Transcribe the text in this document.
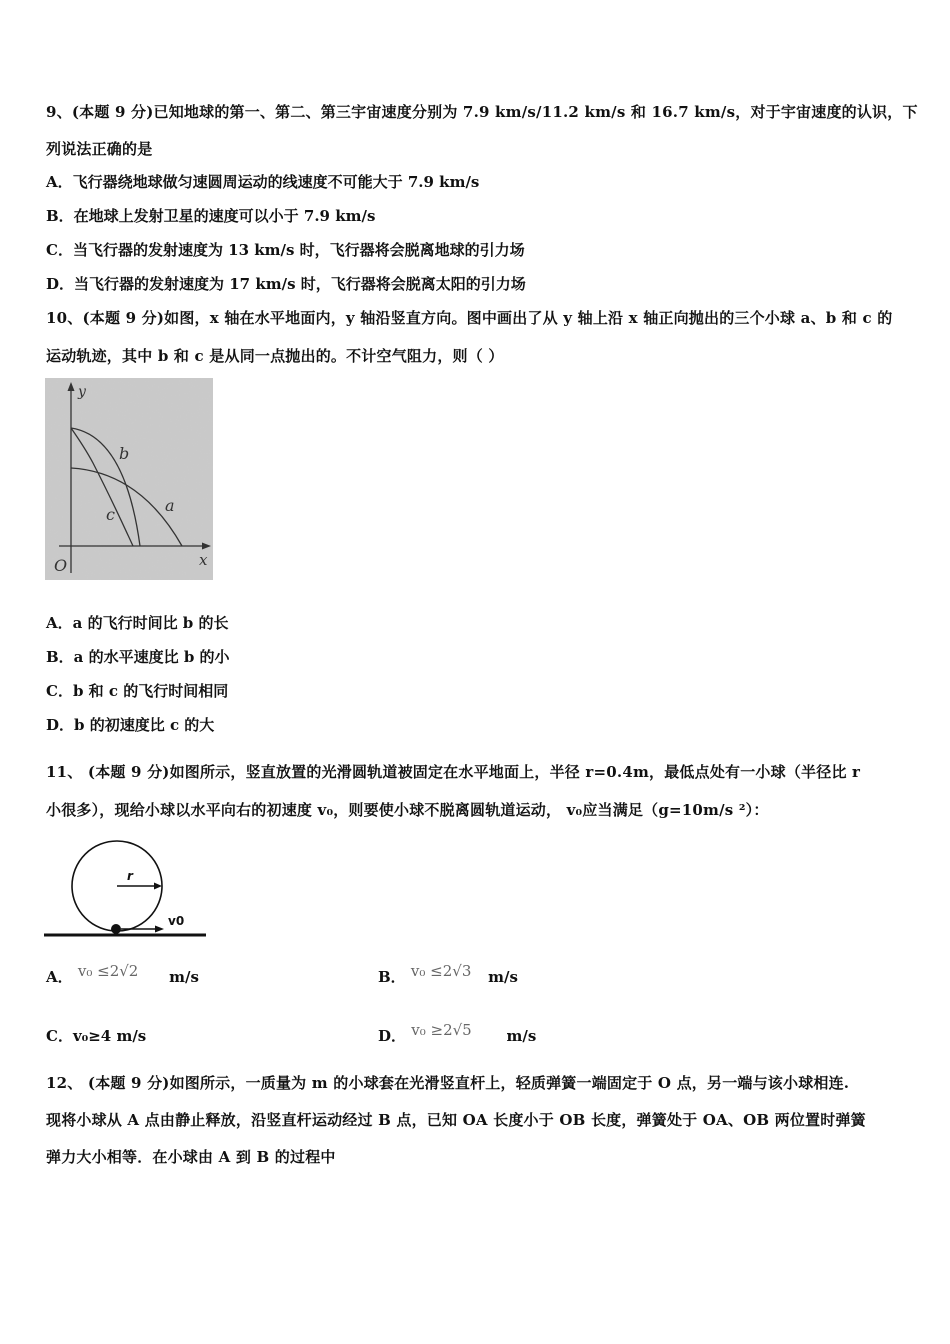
9、(本题 9 分)已知地球的第一、第二、第三宇宙速度分别为 7.9 km/s/11.2 km/s 和 16.7 km/s，对于宇宙速度的认识，下
列说法正确的是
A．飞行器绕地球做匀速圆周运动的线速度不可能大于 7.9 km/s
B．在地球上发射卫星的速度可以小于 7.9 km/s
C．当飞行器的发射速度为 13 km/s 时，飞行器将会脱离地球的引力场
D．当飞行器的发射速度为 17 km/s 时，飞行器将会脱离太阳的引力场
10、(本题 9 分)如图，x 轴在水平地面内，y 轴沿竖直方向。图中画出了从 y 轴上沿 x 轴正向抛出的三个小球 a、b 和 c 的
运动轨迹，其中 b 和 c 是从同一点抛出的。不计空气阻力，则（ ）
y
x
O
b
c	a
A．a 的飞行时间比 b 的长
B．a 的水平速度比 b 的小
C．b 和 c 的飞行时间相同
D．b 的初速度比 c 的大
11、 (本题 9 分)如图所示，竖直放置的光滑圆轨道被固定在水平地面上，半径 r=0.4m，最低点处有一小球（半径比 r
小很多），现给小球以水平向右的初速度 v₀，则要使小球不脱离圆轨道运动， v₀应当满足（g=10m/s ²）：
r
v0
A． v₀ ≤2√2 m/s	B． v₀ ≤2√3 m/s
C．v₀≥4 m/s	D． v₀ ≥2√5 m/s
12、 (本题 9 分)如图所示，一质量为 m 的小球套在光滑竖直杆上，轻质弹簧一端固定于 O 点，另一端与该小球相连.
现将小球从 A 点由静止释放，沿竖直杆运动经过 B 点，已知 OA 长度小于 OB 长度，弹簧处于 OA、OB 两位置时弹簧
弹力大小相等．在小球由 A 到 B 的过程中
